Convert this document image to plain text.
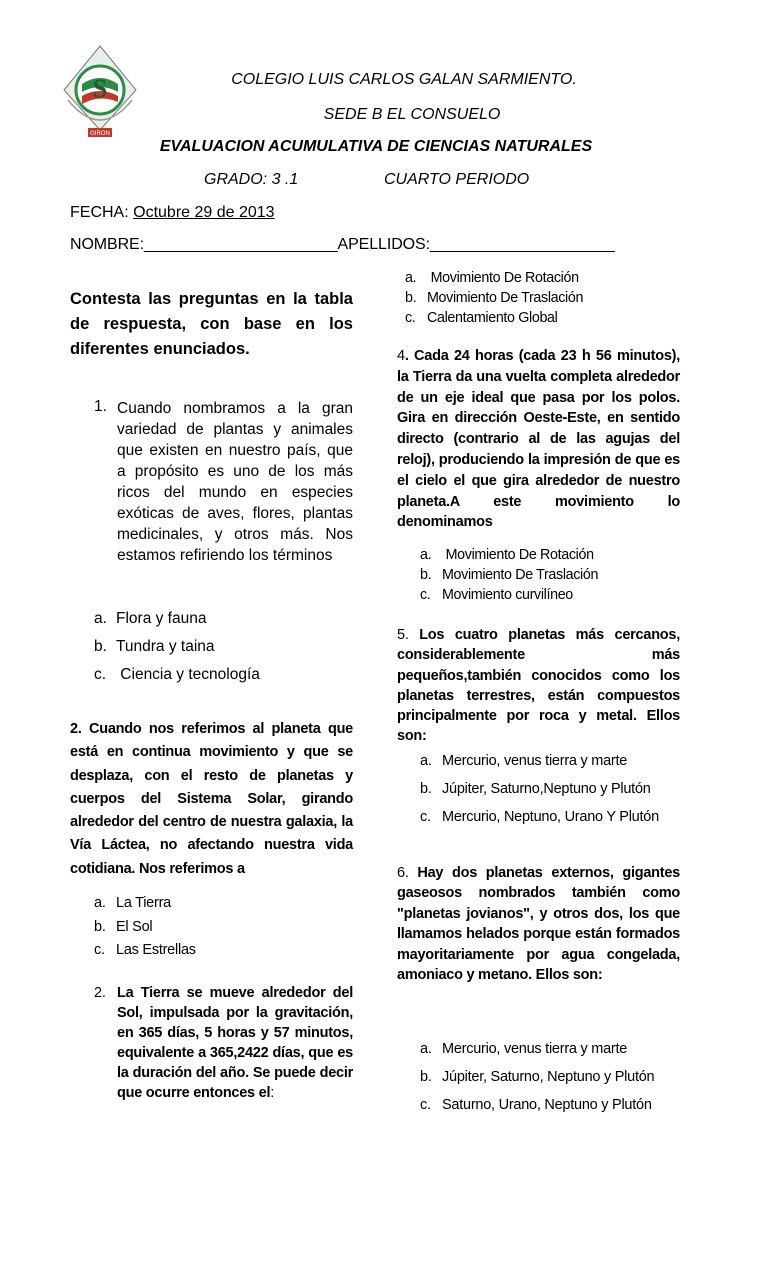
S
GIRON
COLEGIO LUIS CARLOS GALAN SARMIENTO.
SEDE B EL CONSUELO
EVALUACION ACUMULATIVA DE CIENCIAS NATURALES
GRADO: 3 .1	CUARTO PERIODO
FECHA: Octubre 29 de 2013
NOMBRE:______________________APELLIDOS:_____________________
Contesta las preguntas en la tabla de respuesta, con base en los diferentes enunciados.
1. Cuando nombramos a la gran variedad de plantas y animales que existen en nuestro país, que a propósito es uno de los más ricos del mundo en especies exóticas de aves, flores, plantas medicinales, y otros más. Nos estamos refiriendo los términos
a. Flora y fauna
b. Tundra y taina
c. Ciencia y tecnología
2. Cuando nos referimos al planeta que está en continua movimiento y que se desplaza, con el resto de planetas y cuerpos del Sistema Solar, girando alrededor del centro de nuestra galaxia, la Vía Láctea, no afectando nuestra vida cotidiana. Nos referimos a
a. La Tierra
b. El Sol
c. Las Estrellas
2. La Tierra se mueve alrededor del Sol, impulsada por la gravitación, en 365 días, 5 horas y 57 minutos, equivalente a 365,2422 días, que es la duración del año. Se puede decir que ocurre entonces el:
a. Movimiento De Rotación
b. Movimiento De Traslación
c. Calentamiento Global
4. Cada 24 horas (cada 23 h 56 minutos), la Tierra da una vuelta completa alrededor de un eje ideal que pasa por los polos. Gira en dirección Oeste-Este, en sentido directo (contrario al de las agujas del reloj), produciendo la impresión de que es el cielo el que gira alrededor de nuestro planeta.A este movimiento lo denominamos
a. Movimiento De Rotación
b. Movimiento De Traslación
c. Movimiento curvilíneo
5. Los cuatro planetas más cercanos, considerablemente más pequeños,también conocidos como los planetas terrestres, están compuestos principalmente por roca y metal. Ellos son:
a. Mercurio, venus tierra y marte
b. Júpiter, Saturno,Neptuno y Plutón
c. Mercurio, Neptuno, Urano Y Plutón
6. Hay dos planetas externos, gigantes gaseosos nombrados también como "planetas jovianos", y otros dos, los que llamamos helados porque están formados mayoritariamente por agua congelada, amoniaco y metano. Ellos son:
a. Mercurio, venus tierra y marte
b. Júpiter, Saturno, Neptuno y Plutón
c. Saturno, Urano, Neptuno y Plutón
